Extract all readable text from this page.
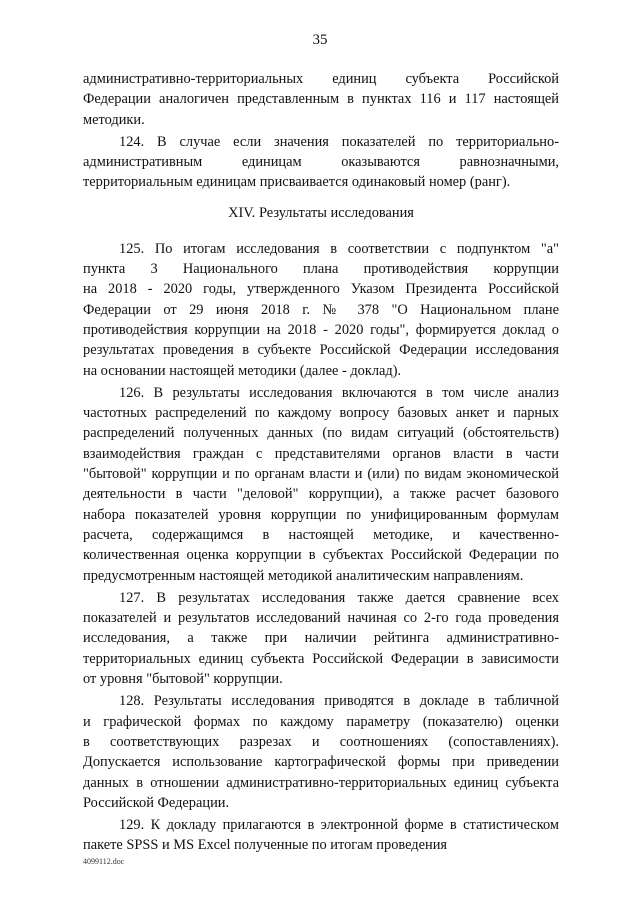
35
административно-территориальных единиц субъекта Российской
Федерации аналогичен представленным в пунктах 116 и 117 настоящей
методики.
124. В случае если значения показателей по территориально-
административным единицам оказываются равнозначными,
территориальным единицам присваивается одинаковый номер (ранг).
XIV. Результаты исследования
125. По итогам исследования в соответствии с подпунктом "а"
пункта 3 Национального плана противодействия коррупции
на 2018 - 2020 годы, утвержденного Указом Президента Российской
Федерации от 29 июня 2018 г. № 378 "О Национальном плане
противодействия коррупции на 2018 - 2020 годы", формируется доклад о
результатах проведения в субъекте Российской Федерации исследования
на основании настоящей методики (далее - доклад).
126. В результаты исследования включаются в том числе анализ
частотных распределений по каждому вопросу базовых анкет и парных
распределений полученных данных (по видам ситуаций (обстоятельств)
взаимодействия граждан с представителями органов власти в части
"бытовой" коррупции и по органам власти и (или) по видам экономической
деятельности в части "деловой" коррупции), а также расчет базового
набора показателей уровня коррупции по унифицированным формулам
расчета, содержащимся в настоящей методике, и качественно-
количественная оценка коррупции в субъектах Российской Федерации по
предусмотренным настоящей методикой аналитическим направлениям.
127. В результатах исследования также дается сравнение всех
показателей и результатов исследований начиная со 2-го года проведения
исследования, а также при наличии рейтинга административно-
территориальных единиц субъекта Российской Федерации в зависимости
от уровня "бытовой" коррупции.
128. Результаты исследования приводятся в докладе в табличной
и графической формах по каждому параметру (показателю) оценки
в соответствующих разрезах и соотношениях (сопоставлениях).
Допускается использование картографической формы при приведении
данных в отношении административно-территориальных единиц субъекта
Российской Федерации.
129. К докладу прилагаются в электронной форме в статистическом
пакете SPSS и MS Excel полученные по итогам проведения
4099112.doc
